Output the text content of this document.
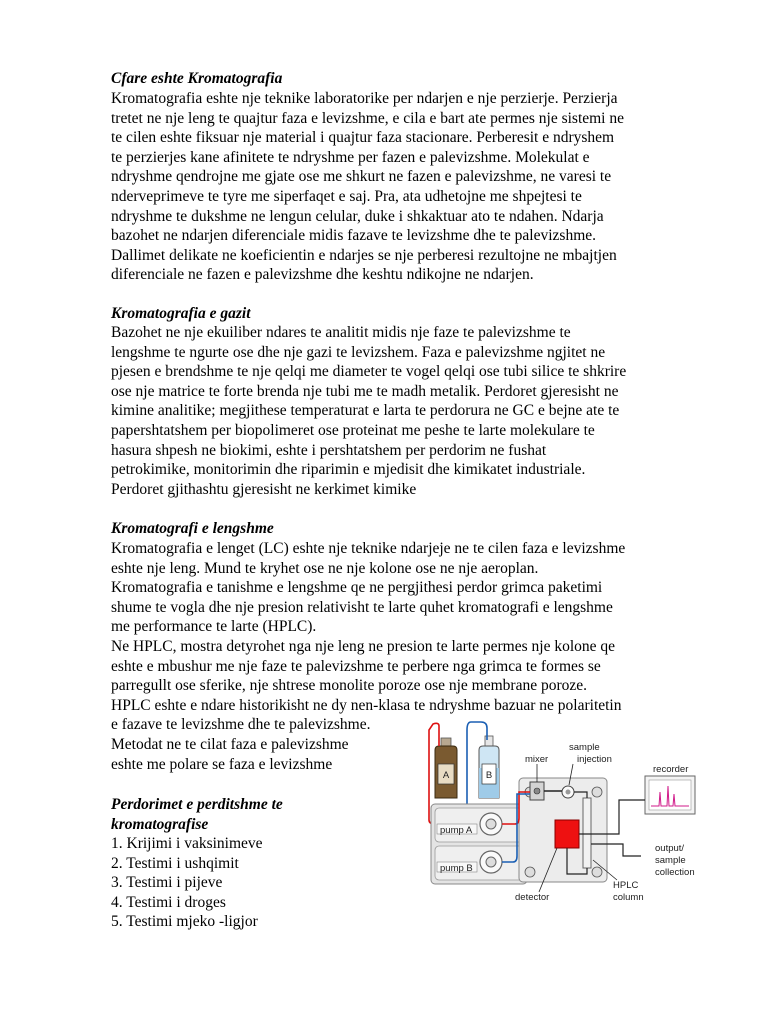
Cfare eshte Kromatografia
Kromatografia eshte nje teknike laboratorike per ndarjen e nje perzierje. Perzierja
tretet ne nje leng te quajtur faza e levizshme, e cila e bart ate permes nje sistemi ne
te cilen eshte fiksuar nje material i quajtur faza stacionare. Perberesit e ndryshem
te perzierjes kane afinitete te ndryshme per fazen e palevizshme. Molekulat e
ndryshme qendrojne me gjate ose me shkurt ne fazen e palevizshme, ne varesi te
nderveprimeve te tyre me siperfaqet e saj. Pra, ata udhetojne me shpejtesi te
ndryshme te dukshme ne lengun celular, duke i shkaktuar ato te ndahen. Ndarja
bazohet ne ndarjen diferenciale midis fazave te levizshme dhe te palevizshme.
Dallimet delikate ne koeficientin e ndarjes se nje perberesi rezultojne ne mbajtjen
diferenciale ne fazen e palevizshme dhe keshtu ndikojne ne ndarjen.
Kromatografia e gazit
Bazohet ne nje ekuiliber ndares te analitit midis nje faze te palevizshme te
lengshme te ngurte ose dhe nje gazi te levizshem. Faza e palevizshme ngjitet ne
pjesen e brendshme te nje qelqi me diameter te vogel qelqi ose tubi silice te shkrire
ose nje matrice te forte brenda nje tubi me te madh metalik. Perdoret gjeresisht ne
kimine analitike; megjithese temperaturat e larta te perdorura ne GC e bejne ate te
papershtatshem per biopolimeret ose proteinat me peshe te larte molekulare te
hasura shpesh ne biokimi, eshte i pershtatshem per perdorim ne fushat
petrokimike, monitorimin dhe riparimin e mjedisit dhe kimikatet industriale.
Perdoret gjithashtu gjeresisht ne kerkimet kimike
Kromatografi e lengshme
Kromatografia e lenget (LC) eshte nje teknike ndarjeje ne te cilen faza e levizshme
eshte nje leng. Mund te kryhet ose ne nje kolone ose ne nje aeroplan.
Kromatografia e tanishme e lengshme qe ne pergjithesi perdor grimca paketimi
shume te vogla dhe nje presion relativisht te larte quhet kromatografi e lengshme
me performance te larte (HPLC).
Ne HPLC, mostra detyrohet nga nje leng ne presion te larte permes nje kolone qe
eshte e mbushur me nje faze te palevizshme te perbere nga grimca te formes se
parregullt ose sferike, nje shtrese monolite poroze ose nje membrane poroze.
HPLC eshte e ndare historikisht ne dy nen-klasa te ndryshme bazuar ne polaritetin
e fazave te levizshme dhe te palevizshme.
Metodat ne te cilat faza e palevizshme
eshte me polare se faza e levizshme
Perdorimet e perditshme te
kromatografise
1. Krijimi i vaksinimeve
2. Testimi i ushqimit
3. Testimi i pijeve
4. Testimi i droges
5. Testimi mjeko -ligjor
A	B
pump A
pump B
mixer
sample
injection
recorder
output/
sample
collection
detector
HPLC
column
